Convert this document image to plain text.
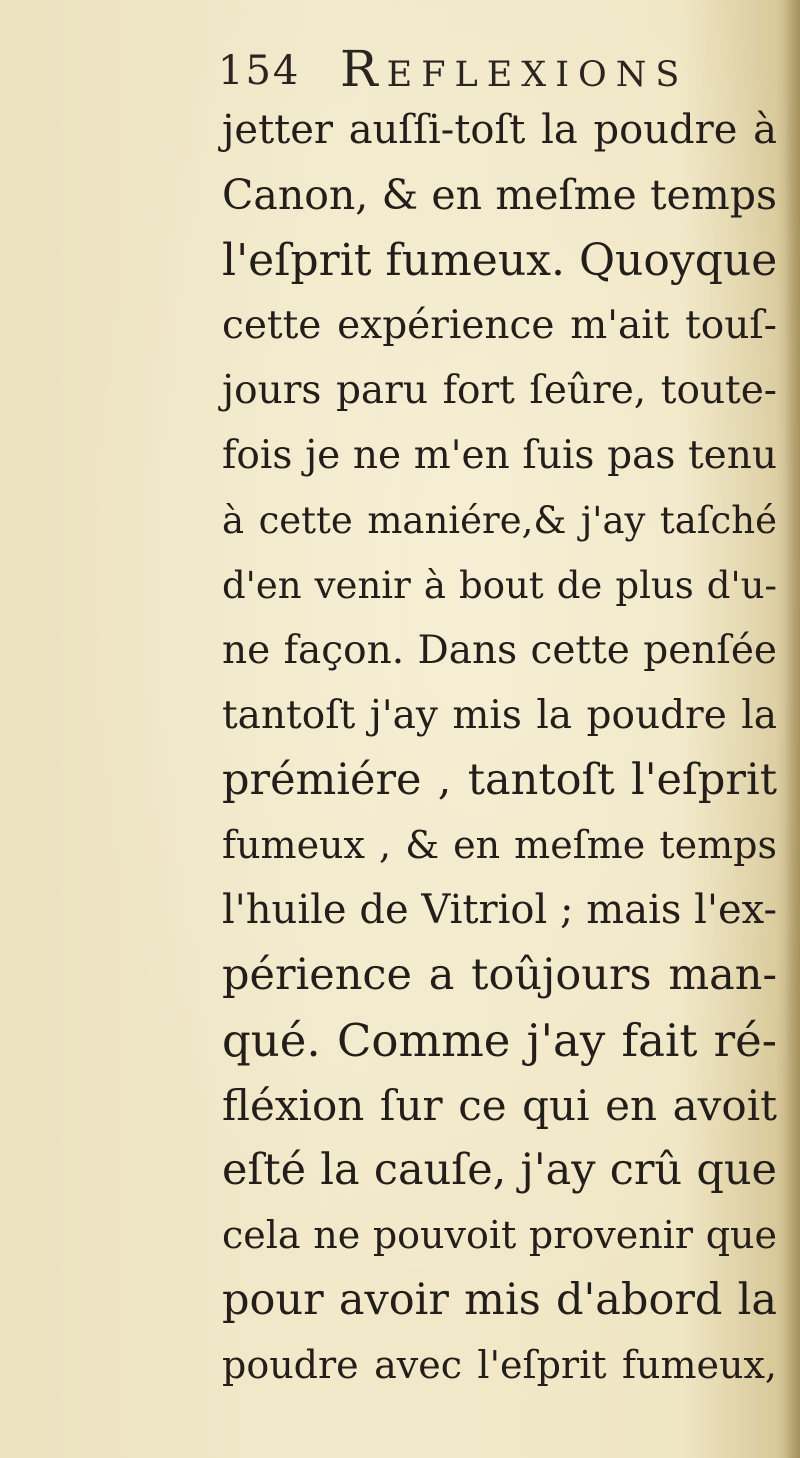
154 Reflexions
jetter auſſi-toſt la poudre à
Canon, & en meſme temps
l'eſprit fumeux. Quoyque
cette expérience m'ait touſ-
jours paru fort ſeûre, toute-
fois je ne m'en ſuis pas tenu
à cette maniére,& j'ay taſché
d'en venir à bout de plus d'u-
ne façon. Dans cette penſée
tantoſt j'ay mis la poudre la
prémiére , tantoſt l'eſprit
fumeux , & en meſme temps
l'huile de Vitriol ; mais l'ex-
périence a toûjours man-
qué. Comme j'ay fait ré-
fléxion ſur ce qui en avoit
eſté la cauſe, j'ay crû que
cela ne pouvoit provenir que
pour avoir mis d'abord la
poudre avec l'eſprit fumeux,
